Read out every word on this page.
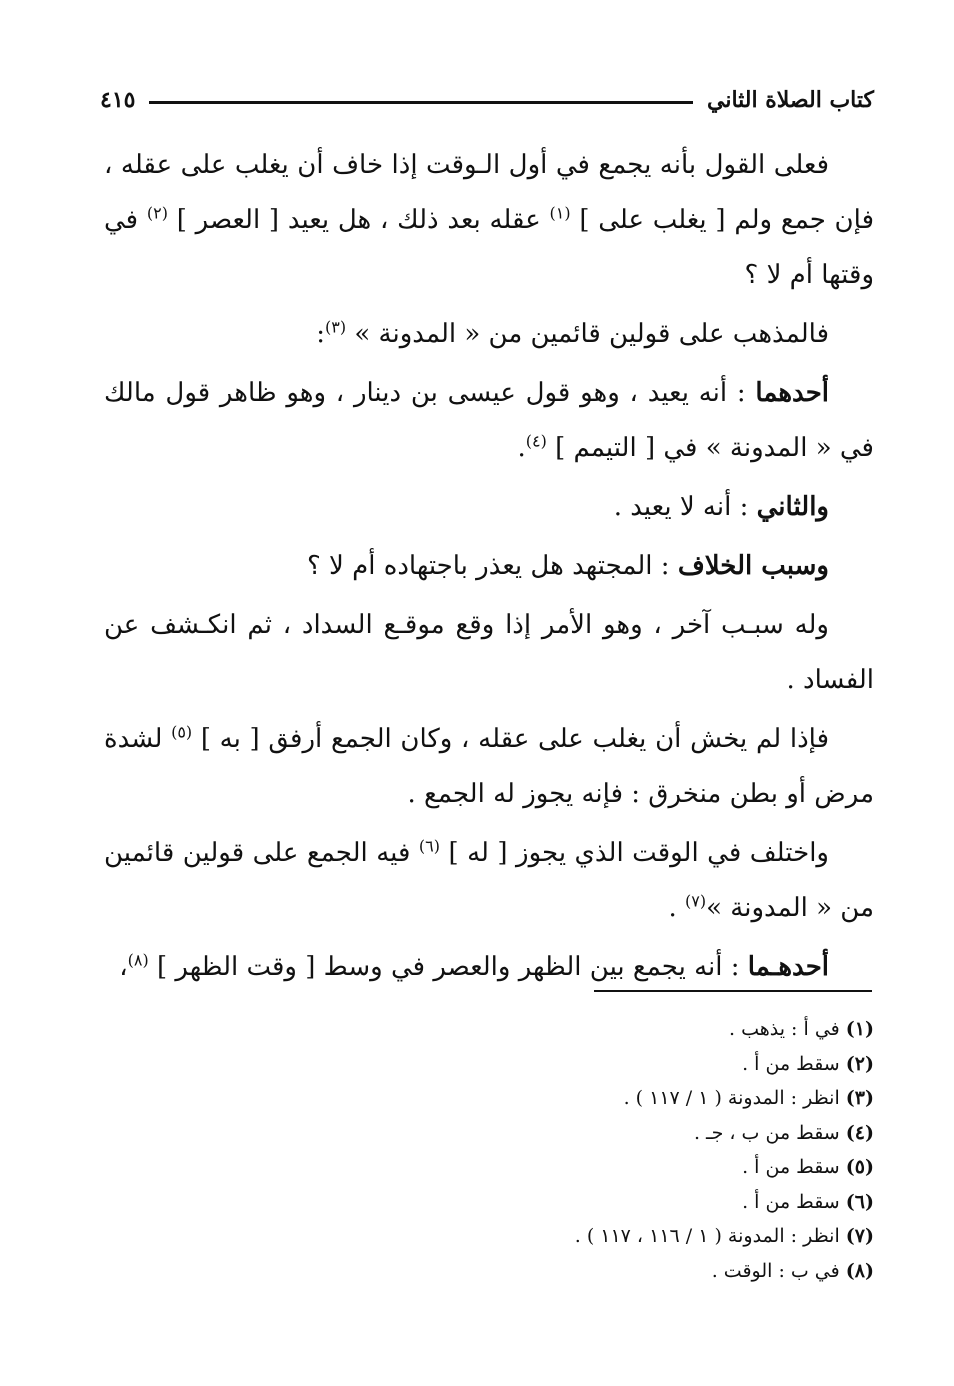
كتاب الصلاة الثاني
٤١٥

فعلى القول بأنه يجمع في أول الـوقت إذا خاف أن يغلب على عقله ، فإن جمع ولم [ يغلب على ] $^{(١)}$ عقله بعد ذلك ، هل يعيد [ العصر ] $^{(٢)}$ في وقتها أم لا ؟

فالمذهب على قولين قائمين من « المدونة » $^{(٣)}$:

أحدهما : أنه يعيد ، وهو قول عيسى بن دينار ، وهو ظاهر قول مالك في « المدونة » في [ التيمم ] $^{(٤)}$.

والثاني : أنه لا يعيد .

وسبب الخلاف : المجتهد هل يعذر باجتهاده أم لا ؟

وله سبـب آخر ، وهو الأمر إذا وقع موقـع السداد ، ثم انكـشف عن الفساد .

فإذا لم يخش أن يغلب على عقله ، وكان الجمع أرفق [ به ] $^{(٥)}$ لشدة مرض أو بطن منخرق : فإنه يجوز له الجمع .

واختلف في الوقت الذي يجوز [ له ] $^{(٦)}$ فيه الجمع على قولين قائمين من « المدونة »$^{(٧)}$ .

أحدهـما : أنه يجمع بين الظهر والعصر في وسط [ وقت الظهر ] $^{(٨)}$،

(١) في أ : يذهب .

(٢) سقط من أ .

(٣) انظر : المدونة ( ١ / ١١٧ ) .

(٤) سقط من ب ، جـ .

(٥) سقط من أ .

(٦) سقط من أ .

(٧) انظر : المدونة ( ١ / ١١٦ ، ١١٧ ) .

(٨) في ب : الوقت .
